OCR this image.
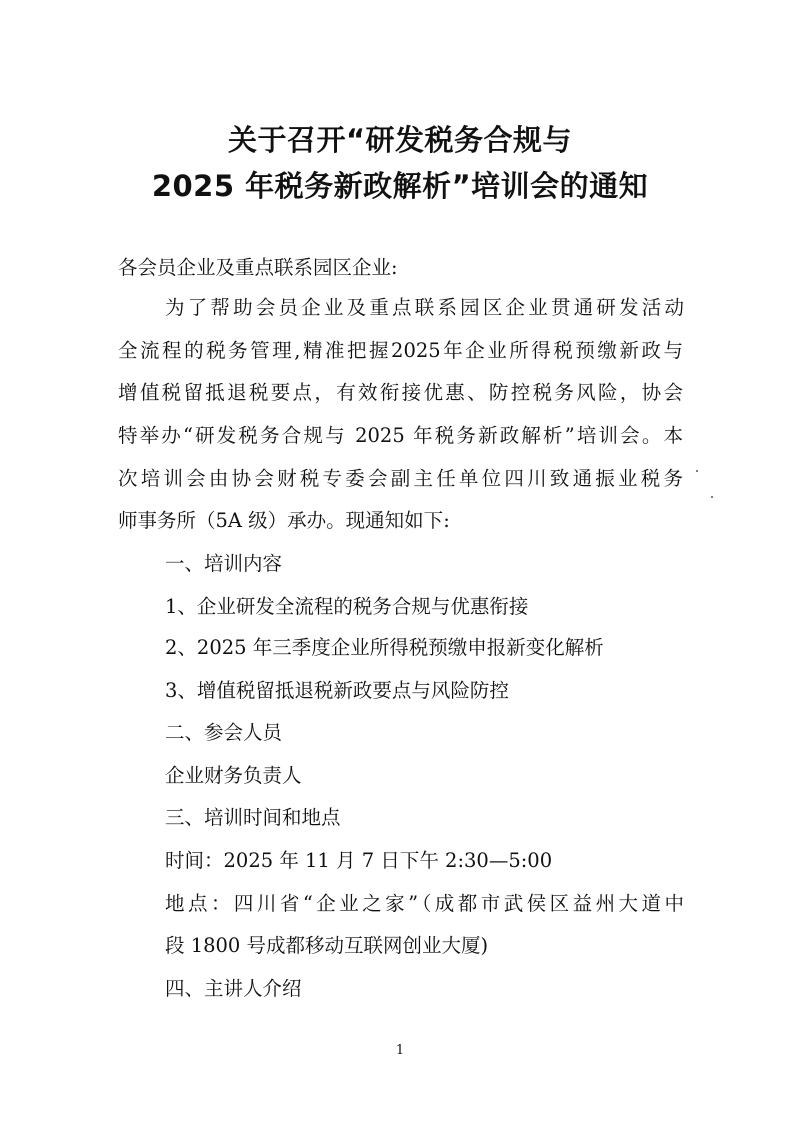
关于召开“研发税务合规与
2025 年税务新政解析”培训会的通知
各会员企业及重点联系园区企业:
为了帮助会员企业及重点联系园区企业贯通研发活动
全流程的税务管理,精准把握2025年企业所得税预缴新政与
增值税留抵退税要点，有效衔接优惠、防控税务风险，协会
特举办“研发税务合规与 2025 年税务新政解析”培训会。本
次培训会由协会财税专委会副主任单位四川致通振业税务
师事务所（5A 级）承办。现通知如下:
一、培训内容
1、企业研发全流程的税务合规与优惠衔接
2、2025 年三季度企业所得税预缴申报新变化解析
3、增值税留抵退税新政要点与风险防控
二、参会人员
企业财务负责人
三、培训时间和地点
时间：2025 年 11 月 7 日下午 2:30—5:00
地点：四川省“企业之家”（成都市武侯区益州大道中
段 1800 号成都移动互联网创业大厦)
四、主讲人介绍
1
